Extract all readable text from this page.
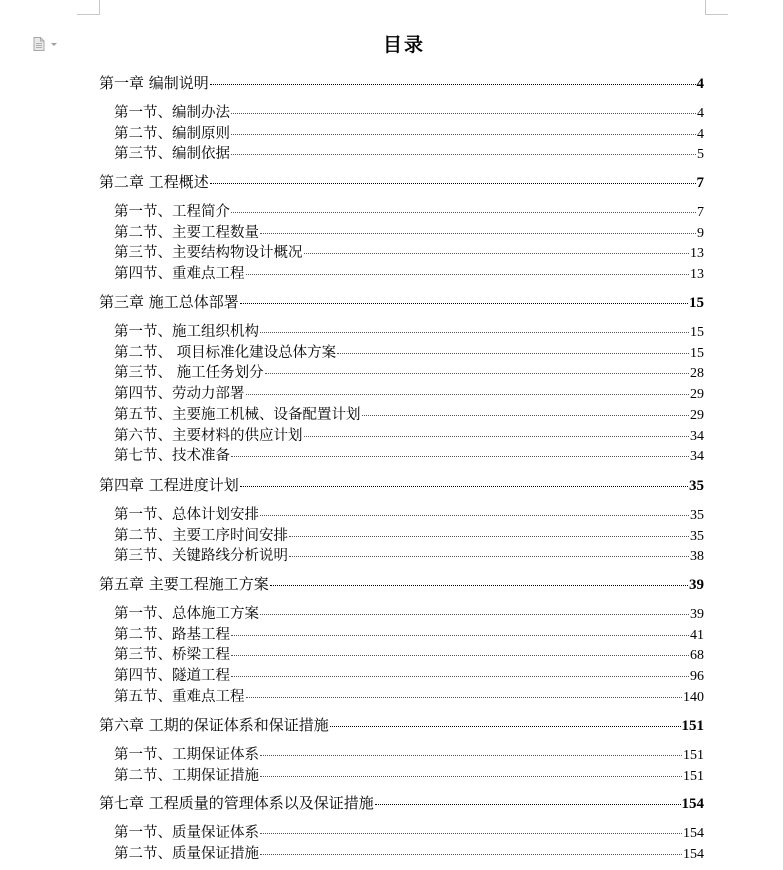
目录
第一章 编制说明	4
第一节、编制办法	4
第二节、编制原则	4
第三节、编制依据	5
第二章 工程概述	7
第一节、工程简介	7
第二节、主要工程数量	9
第三节、主要结构物设计概况	13
第四节、重难点工程	13
第三章 施工总体部署	15
第一节、施工组织机构	15
第二节、 项目标准化建设总体方案	15
第三节、 施工任务划分	28
第四节、劳动力部署	29
第五节、主要施工机械、设备配置计划	29
第六节、主要材料的供应计划	34
第七节、技术准备	34
第四章 工程进度计划	35
第一节、总体计划安排	35
第二节、主要工序时间安排	35
第三节、关键路线分析说明	38
第五章 主要工程施工方案	39
第一节、总体施工方案	39
第二节、路基工程	41
第三节、桥梁工程	68
第四节、隧道工程	96
第五节、重难点工程	140
第六章 工期的保证体系和保证措施	151
第一节、工期保证体系	151
第二节、工期保证措施	151
第七章 工程质量的管理体系以及保证措施	154
第一节、质量保证体系	154
第二节、质量保证措施	154
